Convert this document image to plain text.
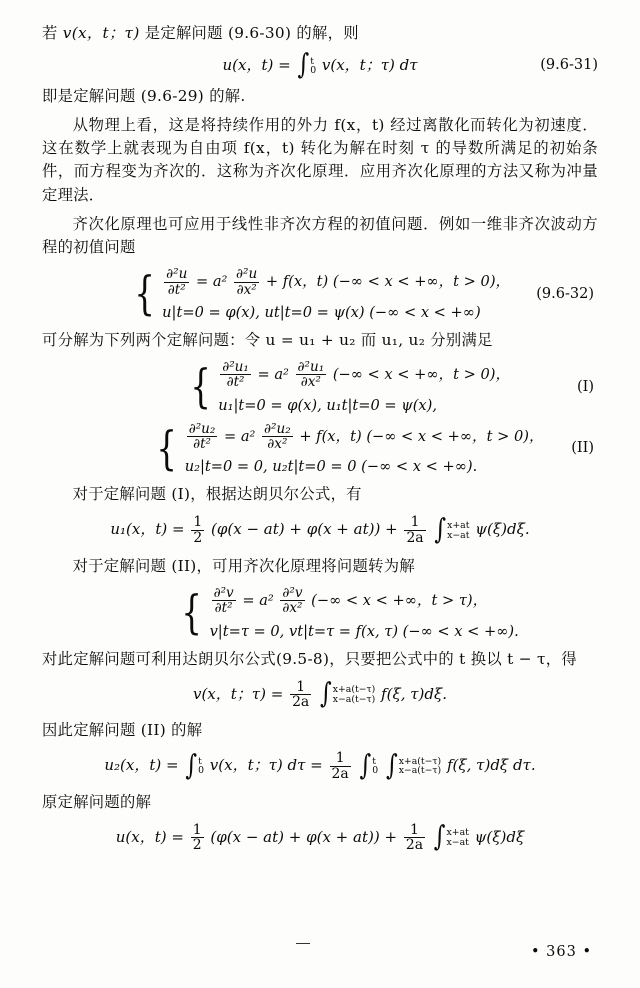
若 v(x，t；τ) 是定解问题 (9.6-30) 的解，则

u(x，t) = ∫t
0 v(x，t；τ) dτ	(9.6-31)

即是定解问题 (9.6-29) 的解.

从物理上看，这是将持续作用的外力 f(x，t) 经过离散化而转化为初速度．这在数学上就表现为自由项 f(x，t) 转化为解在时刻 τ 的导数所满足的初始条件，而方程变为齐次的．这称为齐次化原理．应用齐次化原理的方法又称为冲量定理法．

齐次化原理也可应用于线性非齐次方程的初值问题．例如一维非齐次波动方程的初值问题

{ $\frac{\text{∂²u}}{\text{∂t²}} = a^2 \frac{\text{∂²u}}{\text{∂x²}} + f(x$，t) (−∞ < x < +∞，t > 0)，
u|t=0 = φ(x), ut|t=0 = ψ(x) (−∞ < x < +∞)
(9.6-32)

可分解为下列两个定解问题：令 u = u₁ + u₂ 而 u₁, u₂ 分别满足

{ $\frac{\text{∂²u₁}}{\text{∂t²}} = a^2 \frac{\text{∂²u₁}}{\text{∂x²}}$ (−∞ < x < +∞，t > 0)，
u₁|t=0 = φ(x), u₁t|t=0 = ψ(x),
(I)
{ $\frac{\text{∂²u₂}}{\text{∂t²}} = a^2 \frac{\text{∂²u₂}}{\text{∂x²}} + f(x$，t) (−∞ < x < +∞，t > 0)，
u₂|t=0 = 0, u₂t|t=0 = 0 (−∞ < x < +∞).
(II)

对于定解问题 (I)，根据达朗贝尔公式，有

u₁(x，$t) = \frac{1}{2} (\varphi(x - at) + \varphi(x + at)) + \frac{1}{2a} \int x+at$
x−at ψ(ξ)dξ.

对于定解问题 (II)，可用齐次化原理将问题转为解

{ $\frac{\text{∂²v}}{\text{∂t²}} = a^2 \frac{\text{∂²v}}{\text{∂x²}}$ (−∞ < x < +∞，t > τ)，
v|t=τ = 0, vt|t=τ = f(x, τ) (−∞ < x < +∞).

对此定解问题可利用达朗贝尔公式(9.5-8)，只要把公式中的 t 换以 t − τ，得

v(x，t；$\tau) = \frac{1}{2a} \int x+a(t-\tau)$
x−a(t−τ) f(ξ, τ)dξ.

因此定解问题 (II) 的解

u₂(x，t) = ∫t
0 v(x，t；τ) $d\tau = \frac{1}{2a} \int t$
0 ∫x+a(t−τ)
x−a(t−τ) f(ξ, τ)dξ dτ.

原定解问题的解

u(x，$t) = \frac{1}{2} (\varphi(x - at) + \varphi(x + at)) + \frac{1}{2a} \int x+at$
x−at ψ(ξ)dξ
• 363 •
